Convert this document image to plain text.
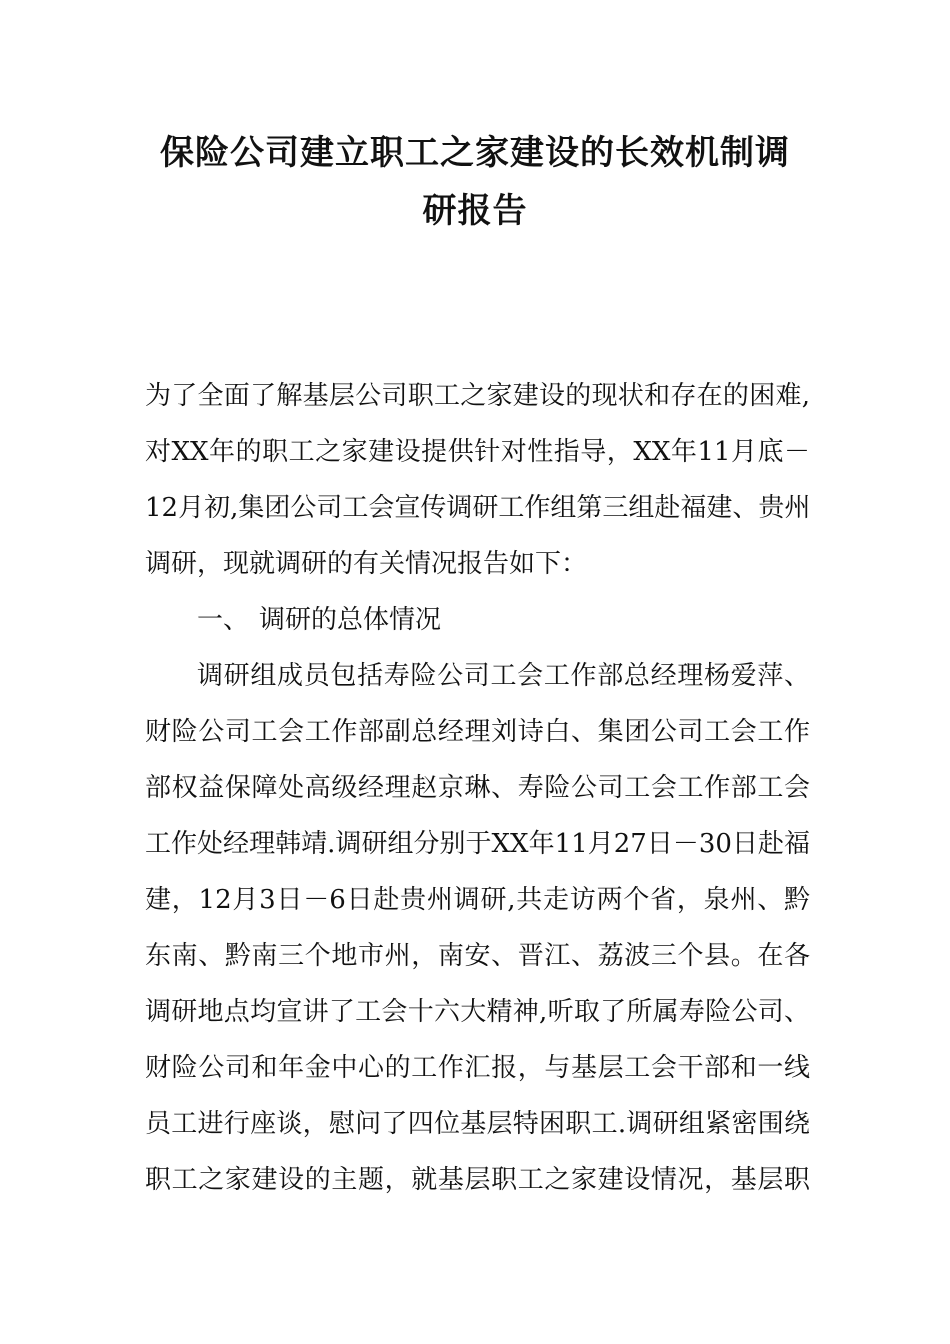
保险公司建立职工之家建设的长效机制调
研报告
为了全面了解基层公司职工之家建设的现状和存在的困难,
对XX年的职工之家建设提供针对性指导，XX年11月底－
12月初,集团公司工会宣传调研工作组第三组赴福建、贵州
调研，现就调研的有关情况报告如下：
一、 调研的总体情况
调研组成员包括寿险公司工会工作部总经理杨爱萍、
财险公司工会工作部副总经理刘诗白、集团公司工会工作
部权益保障处高级经理赵京琳、寿险公司工会工作部工会
工作处经理韩靖.调研组分别于XX年11月27日－30日赴福
建，12月3日－6日赴贵州调研,共走访两个省，泉州、黔
东南、黔南三个地市州，南安、晋江、荔波三个县。在各
调研地点均宣讲了工会十六大精神,听取了所属寿险公司、
财险公司和年金中心的工作汇报，与基层工会干部和一线
员工进行座谈，慰问了四位基层特困职工.调研组紧密围绕
职工之家建设的主题，就基层职工之家建设情况，基层职
